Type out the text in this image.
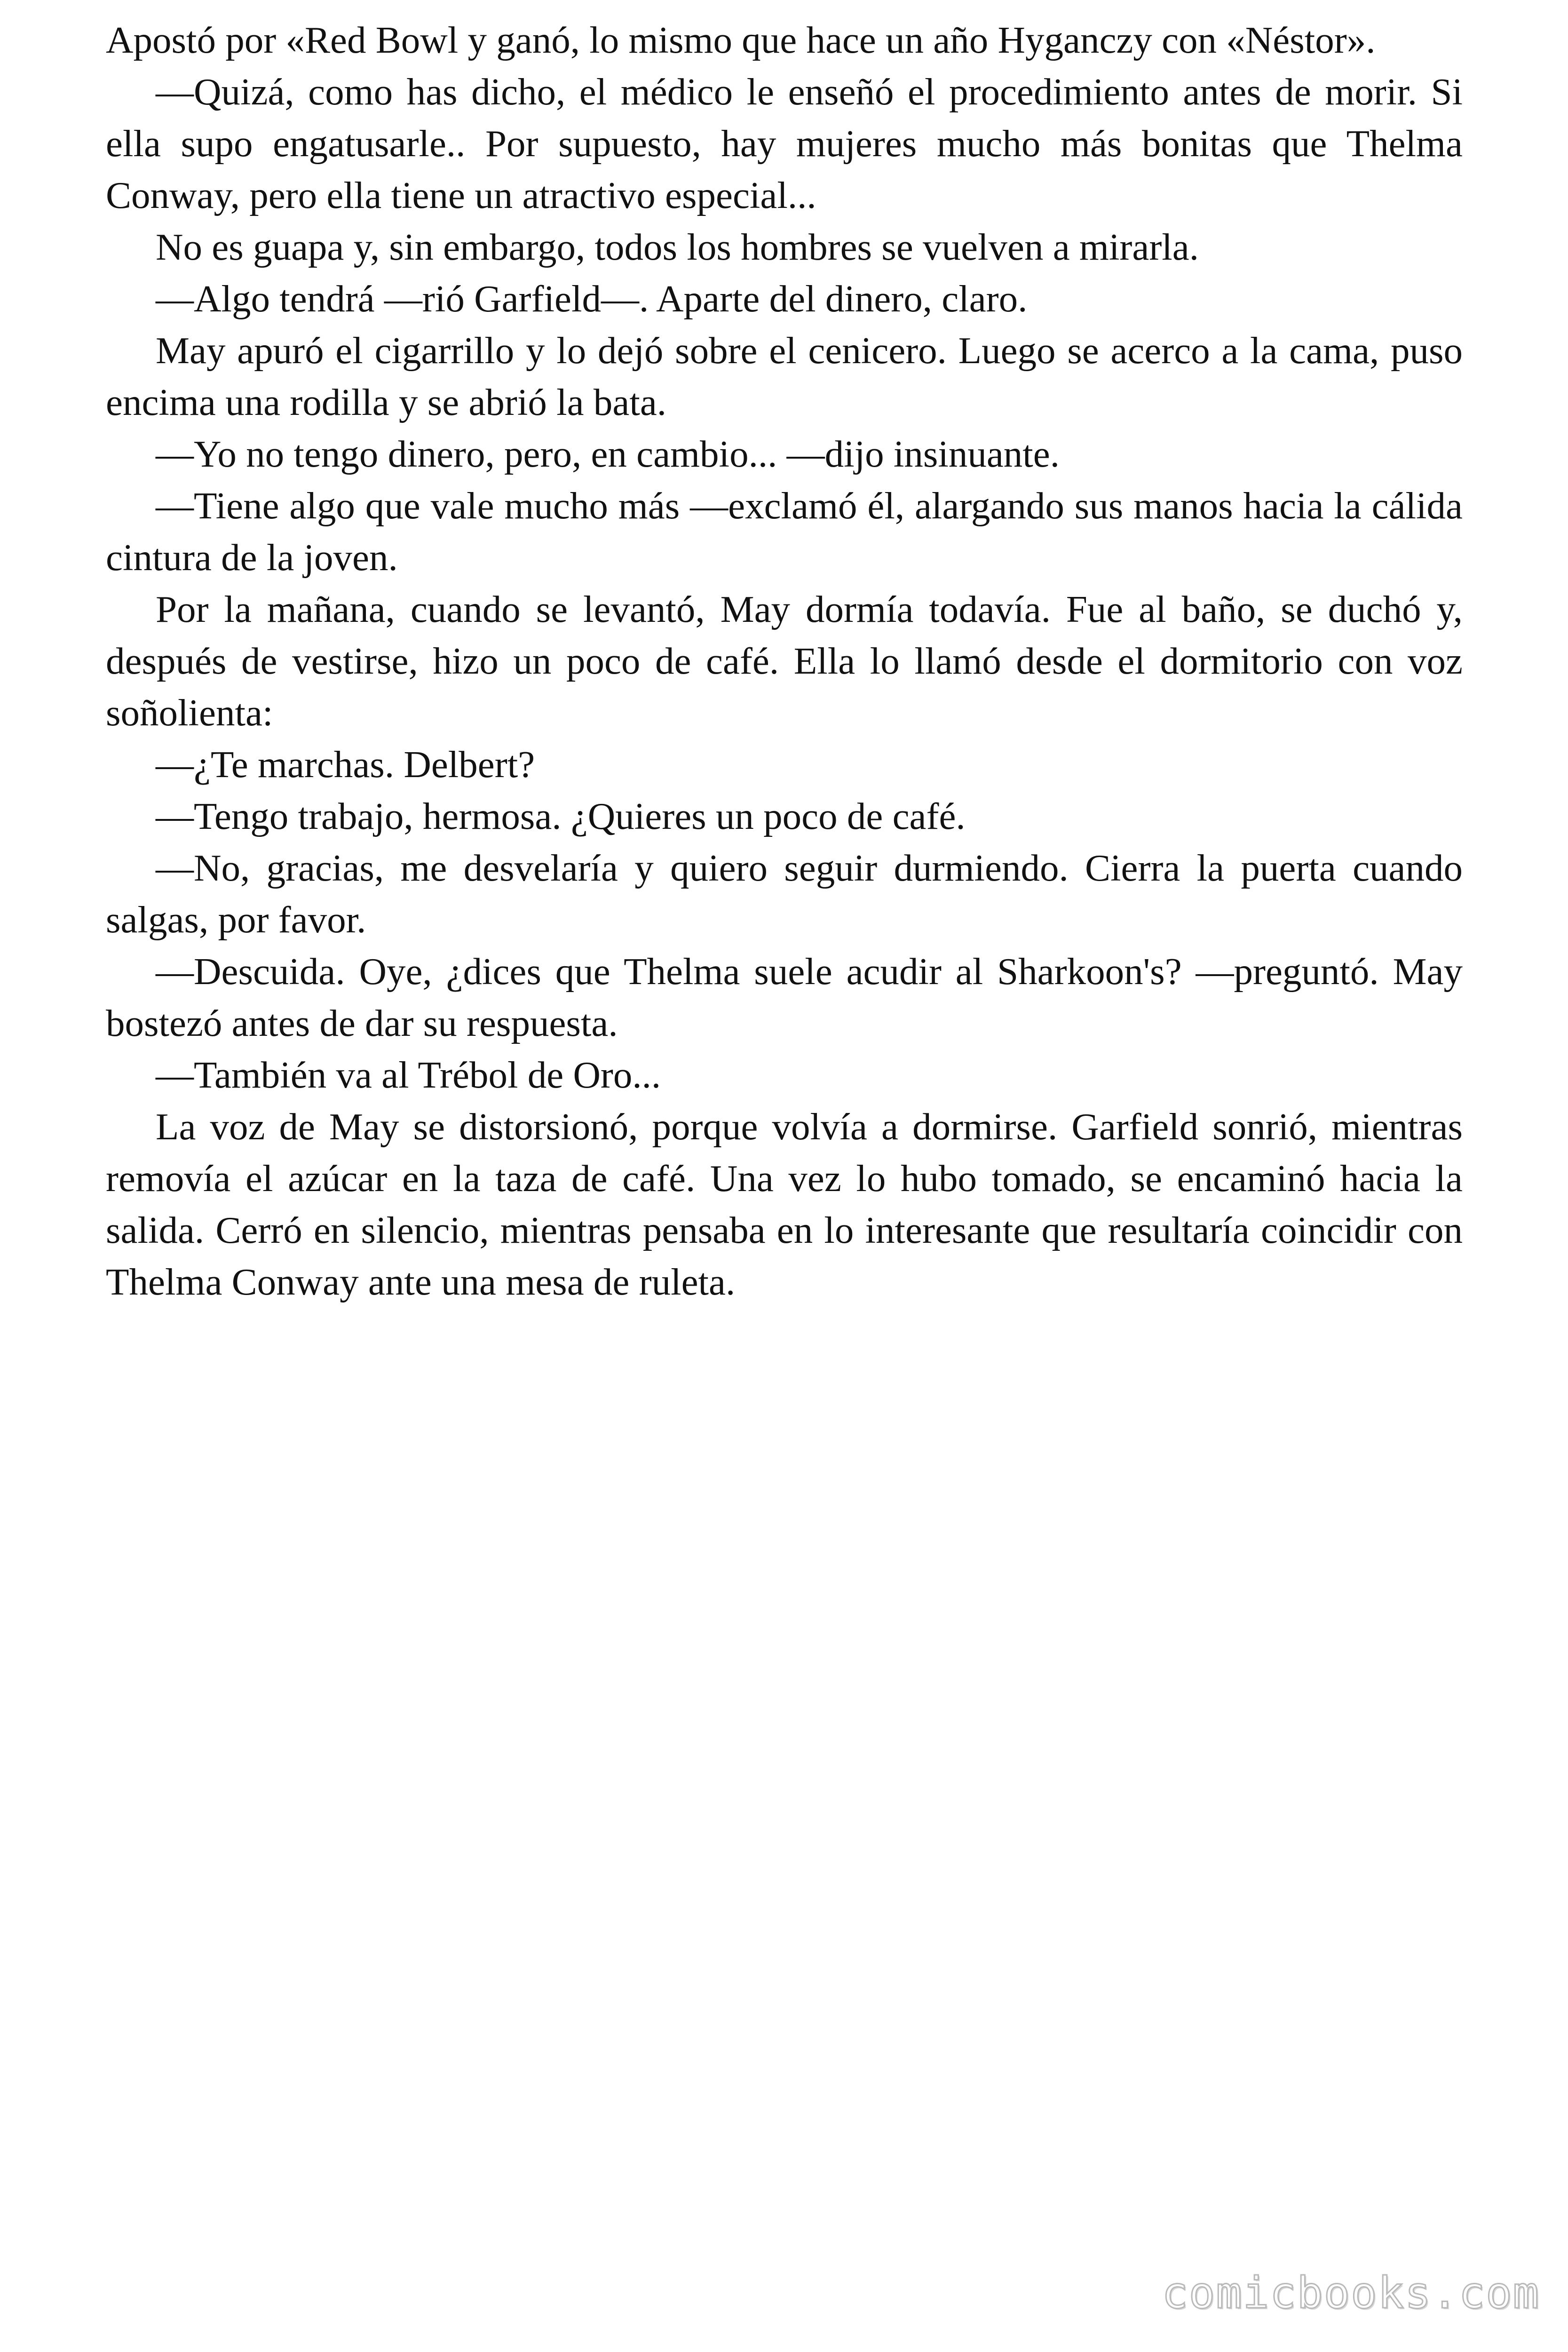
Apostó por «Red Bowl y ganó, lo mismo que hace un año Hyganczy con «Néstor».

—Quizá, como has dicho, el médico le enseñó el procedimiento antes de morir. Si ella supo engatusarle.. Por supuesto, hay mujeres mucho más bonitas que Thelma Conway, pero ella tiene un atractivo especial...

No es guapa y, sin embargo, todos los hombres se vuelven a mirarla.

—Algo tendrá —rió Garfield—. Aparte del dinero, claro.

May apuró el cigarrillo y lo dejó sobre el cenicero. Luego se acerco a la cama, puso encima una rodilla y se abrió la bata.

—Yo no tengo dinero, pero, en cambio... —dijo insinuante.

—Tiene algo que vale mucho más —exclamó él, alargando sus manos hacia la cálida cintura de la joven.

Por la mañana, cuando se levantó, May dormía todavía. Fue al baño, se duchó y, después de vestirse, hizo un poco de café. Ella lo llamó desde el dormitorio con voz soñolienta:

—¿Te marchas. Delbert?

—Tengo trabajo, hermosa. ¿Quieres un poco de café.

—No, gracias, me desvelaría y quiero seguir durmiendo. Cierra la puerta cuando salgas, por favor.

—Descuida. Oye, ¿dices que Thelma suele acudir al Sharkoon's? —preguntó. May bostezó antes de dar su respuesta.

—También va al Trébol de Oro...

La voz de May se distorsionó, porque volvía a dormirse. Garfield sonrió, mientras removía el azúcar en la taza de café. Una vez lo hubo tomado, se encaminó hacia la salida. Cerró en silencio, mientras pensaba en lo interesante que resultaría coincidir con Thelma Conway ante una mesa de ruleta.

comicbooks.com
